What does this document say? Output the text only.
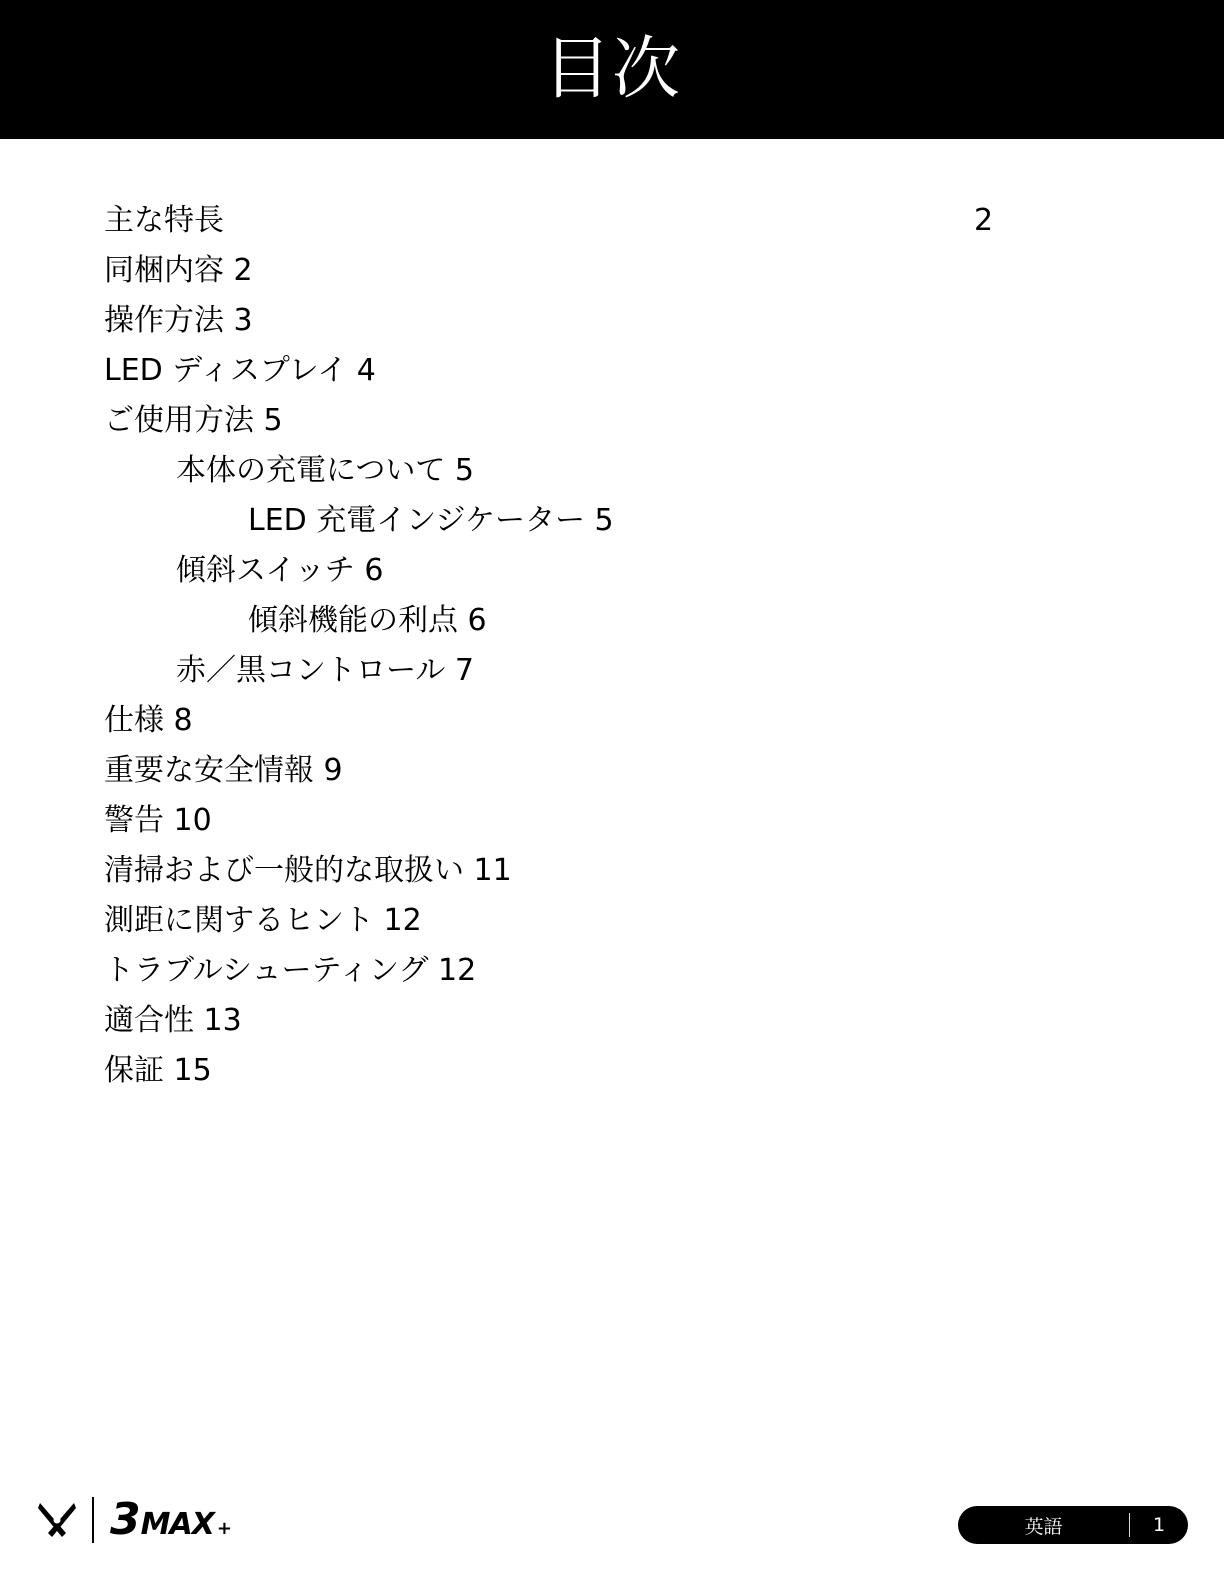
目次
主な特長	2
同梱内容 2
操作方法 3
LED ディスプレイ 4
ご使用方法 5
本体の充電について 5
LED 充電インジケーター 5
傾斜スイッチ 6
傾斜機能の利点 6
赤／黒コントロール 7
仕様 8
重要な安全情報 9
警告 10
清掃および一般的な取扱い 11
測距に関するヒント 12
トラブルシューティング 12
適合性 13
保証 15
3 MAX +	英語	1
